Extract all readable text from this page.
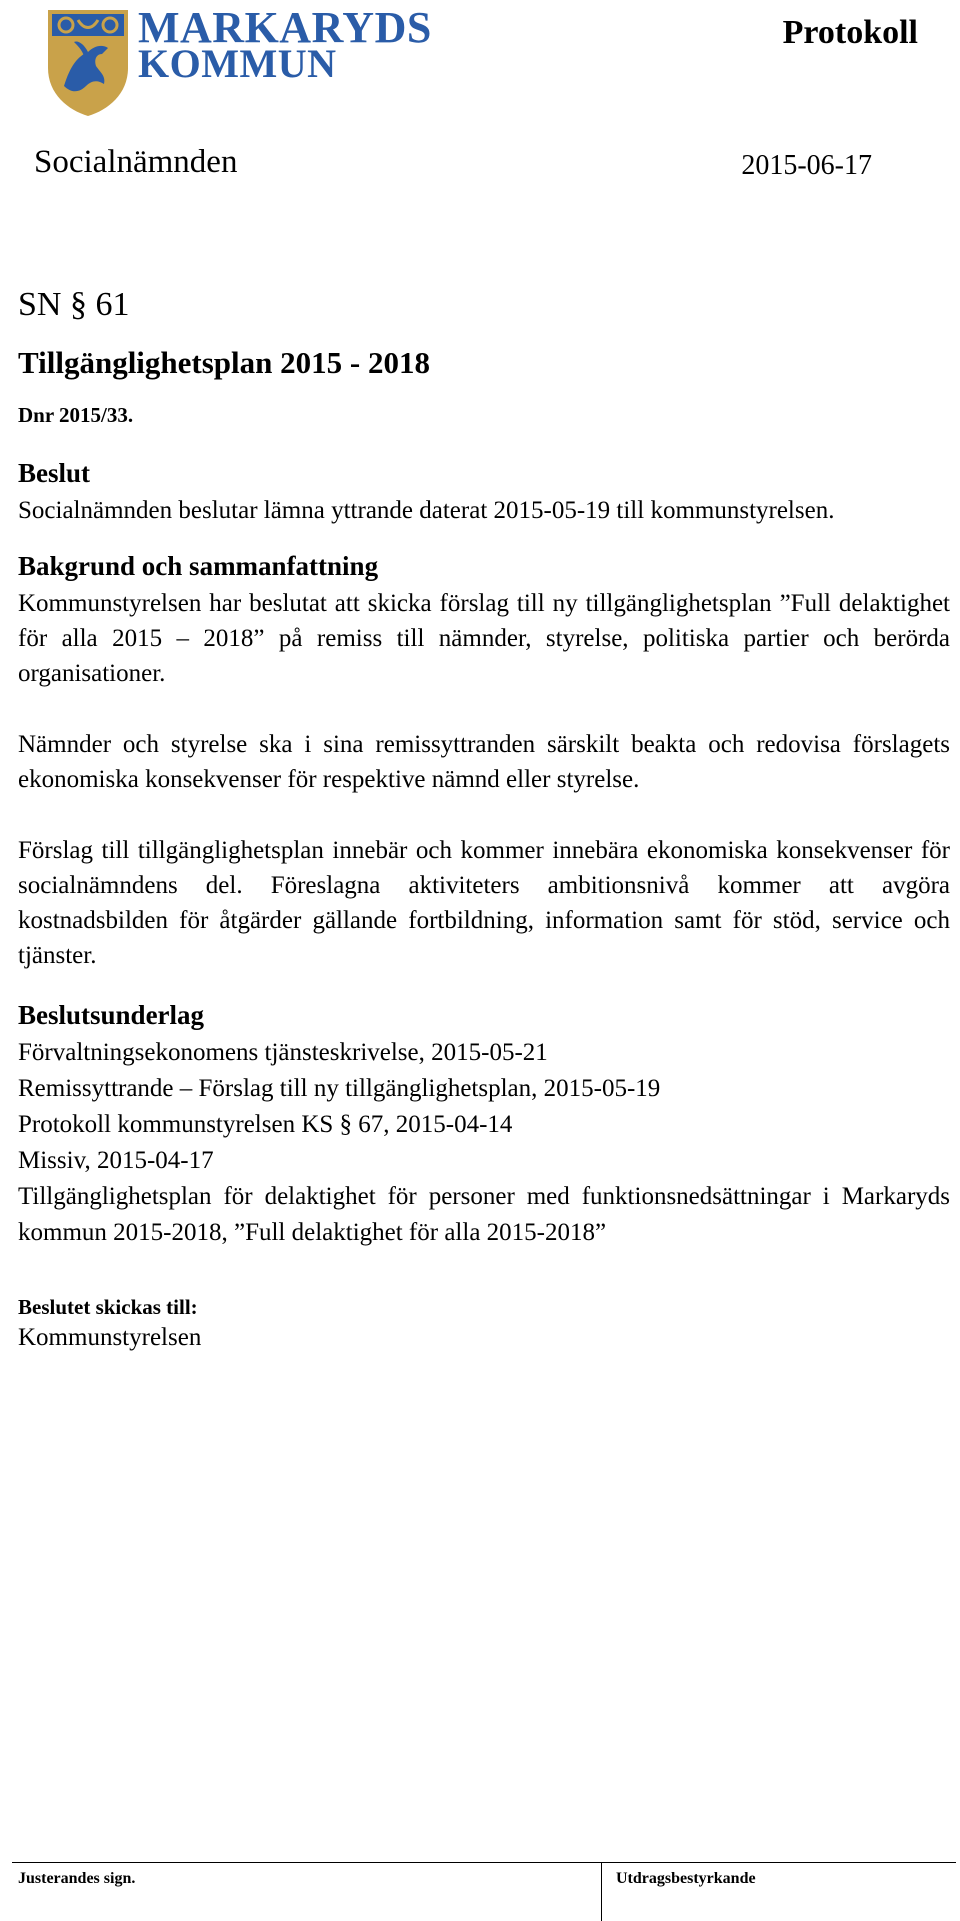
MARKARYDS
KOMMUN
Protokoll
Socialnämnden	2015-06-17

SN § 61

Tillgänglighetsplan 2015 - 2018

Dnr 2015/33.

Beslut

Socialnämnden beslutar lämna yttrande daterat 2015-05-19 till kommunstyrelsen.

Bakgrund och sammanfattning

Kommunstyrelsen har beslutat att skicka förslag till ny tillgänglighetsplan ”Full delaktighet för alla 2015 – 2018” på remiss till nämnder, styrelse, politiska partier och berörda organisationer.

Nämnder och styrelse ska i sina remissyttranden särskilt beakta och redovisa förslagets ekonomiska konsekvenser för respektive nämnd eller styrelse.

Förslag till tillgänglighetsplan innebär och kommer innebära ekonomiska konsekvenser för socialnämndens del. Föreslagna aktiviteters ambitionsnivå kommer att avgöra kostnadsbilden för åtgärder gällande fortbildning, information samt för stöd, service och tjänster.

Beslutsunderlag

Förvaltningsekonomens tjänsteskrivelse, 2015-05-21
Remissyttrande – Förslag till ny tillgänglighetsplan, 2015-05-19
Protokoll kommunstyrelsen KS § 67, 2015-04-14
Missiv, 2015-04-17
Tillgänglighetsplan för delaktighet för personer med funktionsnedsättningar i Markaryds kommun 2015-2018, ”Full delaktighet för alla 2015-2018”

Beslutet skickas till:

Kommunstyrelsen

Justerandes sign.	Utdragsbestyrkande
